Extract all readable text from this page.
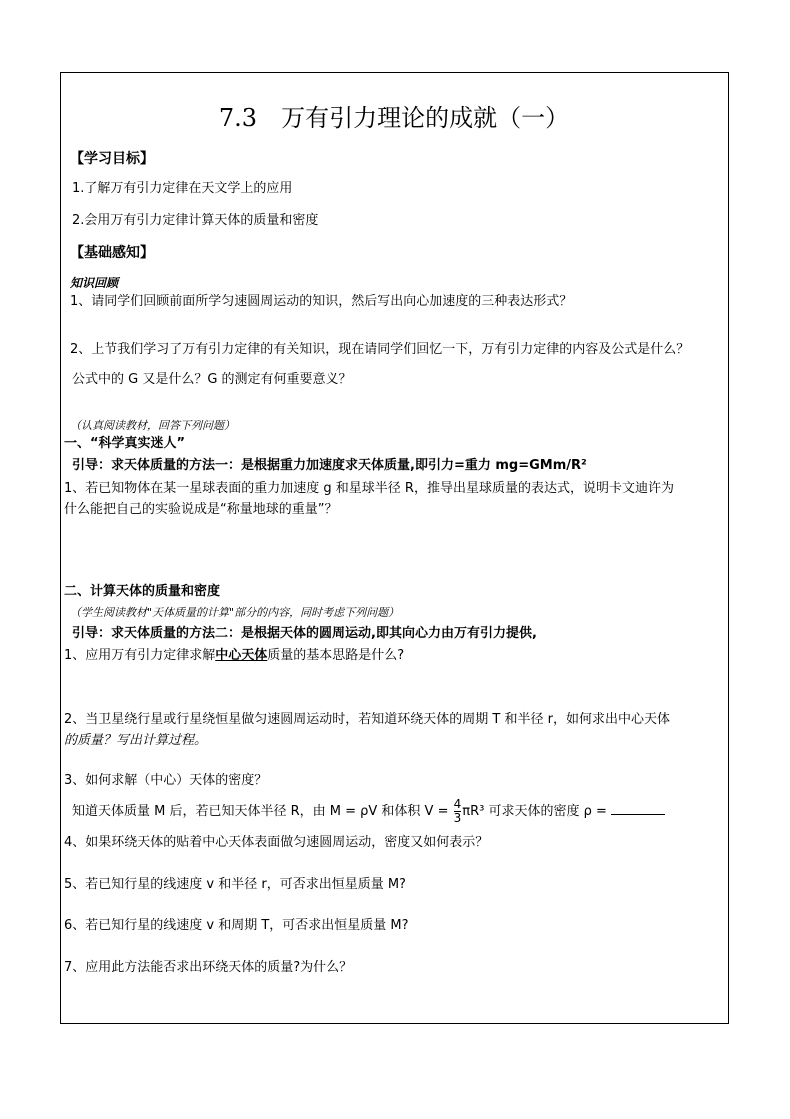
7.3　万有引力理论的成就（一）
【学习目标】
1.了解万有引力定律在天文学上的应用
2.会用万有引力定律计算天体的质量和密度
【基础感知】
知识回顾
1、请同学们回顾前面所学匀速圆周运动的知识，然后写出向心加速度的三种表达形式？
2、上节我们学习了万有引力定律的有关知识，现在请同学们回忆一下，万有引力定律的内容及公式是什么？
公式中的 G 又是什么？G 的测定有何重要意义？
（认真阅读教材，回答下列问题）
一、“科学真实迷人”
引导：求天体质量的方法一：是根据重力加速度求天体质量,即引力=重力 mg=GMm/R²
1、若已知物体在某一星球表面的重力加速度 g 和星球半径 R，推导出星球质量的表达式，说明卡文迪许为
什么能把自己的实验说成是“称量地球的重量”？
二、计算天体的质量和密度
（学生阅读教材"天体质量的计算"部分的内容，同时考虑下列问题）
引导：求天体质量的方法二：是根据天体的圆周运动,即其向心力由万有引力提供,
1、应用万有引力定律求解中心天体质量的基本思路是什么?
2、当卫星绕行星或行星绕恒星做匀速圆周运动时，若知道环绕天体的周期 T 和半径 r，如何求出中心天体
的质量？写出计算过程。
3、如何求解（中心）天体的密度？
知道天体质量 M 后，若已知天体半径 R，由 M = ρV 和体积 $V = \frac{4}{3} \pi R^3$ 可求天体的密度 ρ =
4、如果环绕天体的贴着中心天体表面做匀速圆周运动，密度又如何表示？
5、若已知行星的线速度 v 和半径 r，可否求出恒星质量 M?
6、若已知行星的线速度 v 和周期 T，可否求出恒星质量 M?
7、应用此方法能否求出环绕天体的质量?为什么？
